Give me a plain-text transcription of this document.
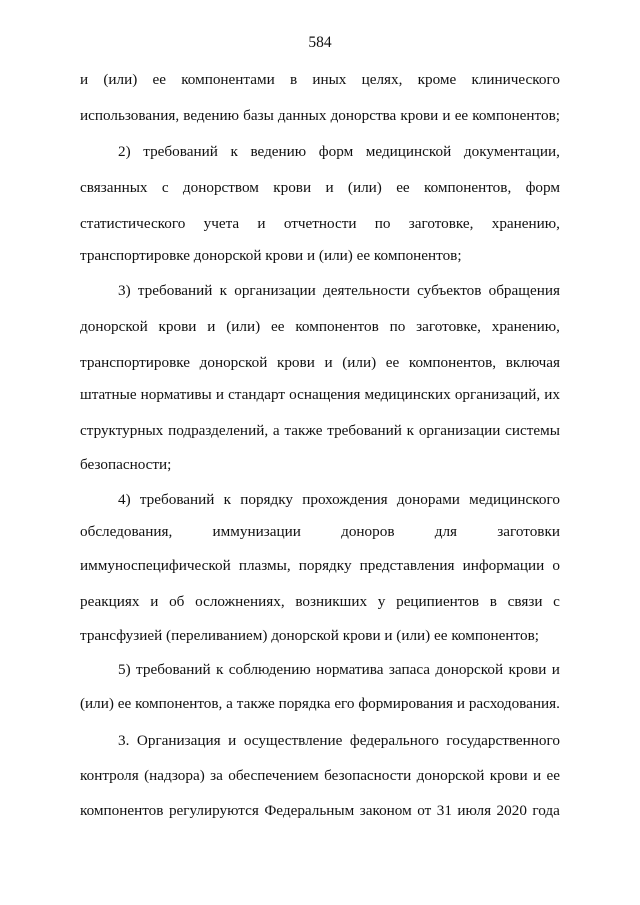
584
и (или) ее компонентами в иных целях, кроме клинического
использования, ведению базы данных донорства крови и ее компонентов;
2) требований к ведению форм медицинской документации,
связанных с донорством крови и (или) ее компонентов, форм
статистического учета и отчетности по заготовке, хранению,
транспортировке донорской крови и (или) ее компонентов;
3) требований к организации деятельности субъектов обращения
донорской крови и (или) ее компонентов по заготовке, хранению,
транспортировке донорской крови и (или) ее компонентов, включая
штатные нормативы и стандарт оснащения медицинских организаций, их
структурных подразделений, а также требований к организации системы
безопасности;
4) требований к порядку прохождения донорами медицинского
обследования,	иммунизации	доноров	для	заготовки
иммуноспецифической плазмы, порядку представления информации о
реакциях и об осложнениях, возникших у реципиентов в связи с
трансфузией (переливанием) донорской крови и (или) ее компонентов;
5) требований к соблюдению норматива запаса донорской крови и
(или) ее компонентов, а также порядка его формирования и расходования.
3. Организация и осуществление федерального государственного
контроля (надзора) за обеспечением безопасности донорской крови и ее
компонентов регулируются Федеральным законом от 31 июля 2020 года
